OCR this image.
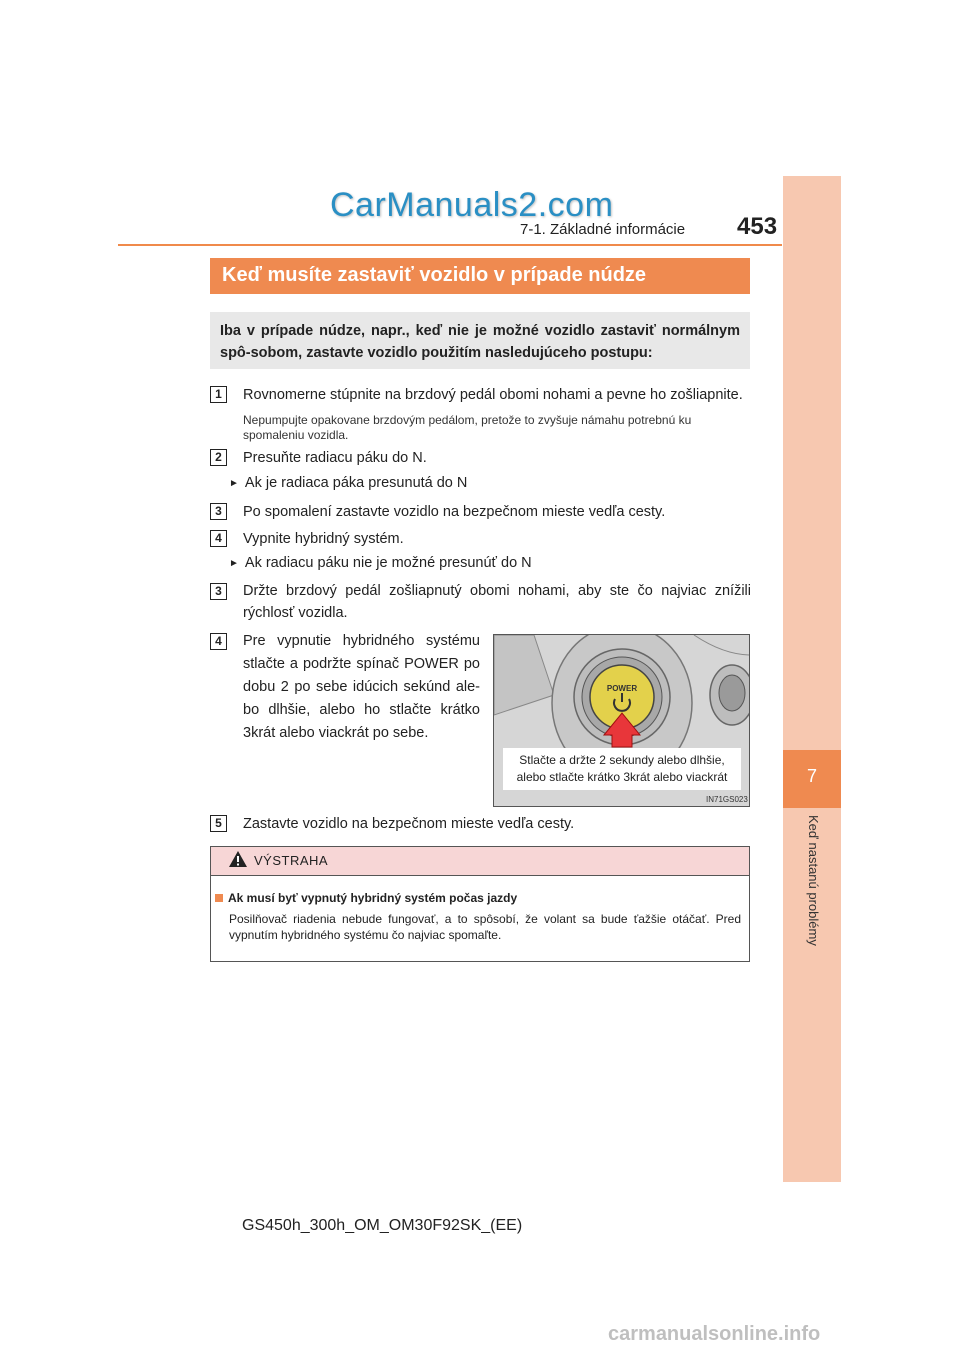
CarManuals2.com
7-1. Základné informácie 453
7
Keď nastanú problémy
Keď musíte zastaviť vozidlo v prípade núdze
Iba v prípade núdze, napr., keď nie je možné vozidlo zastaviť normálnym spô-sobom, zastavte vozidlo použitím nasledujúceho postupu:
1	Rovnomerne stúpnite na brzdový pedál obomi nohami a pevne ho zošliapnite.
Nepumpujte opakovane brzdovým pedálom, pretože to zvyšuje námahu potrebnú ku spomaleniu vozidla.
2	Presuňte radiacu páku do N.
► Ak je radiaca páka presunutá do N
3	Po spomalení zastavte vozidlo na bezpečnom mieste vedľa cesty.
4	Vypnite hybridný systém.
► Ak radiacu páku nie je možné presunúť do N
3	Držte brzdový pedál zošliapnutý obomi nohami, aby ste čo najviac znížili rýchlosť vozidla.
4	Pre vypnutie hybridného systému stlačte a podržte spínač POWER po dobu 2 po sebe idúcich sekúnd ale-bo dlhšie, alebo ho stlačte krátko 3krát alebo viackrát po sebe.
POWER
Stlačte a držte 2 sekundy alebo dlhšie,
alebo stlačte krátko 3krát alebo viackrát
IN71GS023
5	Zastavte vozidlo na bezpečnom mieste vedľa cesty.
VÝSTRAHA
Ak musí byť vypnutý hybridný systém počas jazdy
Posilňovač riadenia nebude fungovať, a to spôsobí, že volant sa bude ťažšie otáčať. Pred vypnutím hybridného systému čo najviac spomaľte.
GS450h_300h_OM_OM30F92SK_(EE)
carmanualsonline.info
